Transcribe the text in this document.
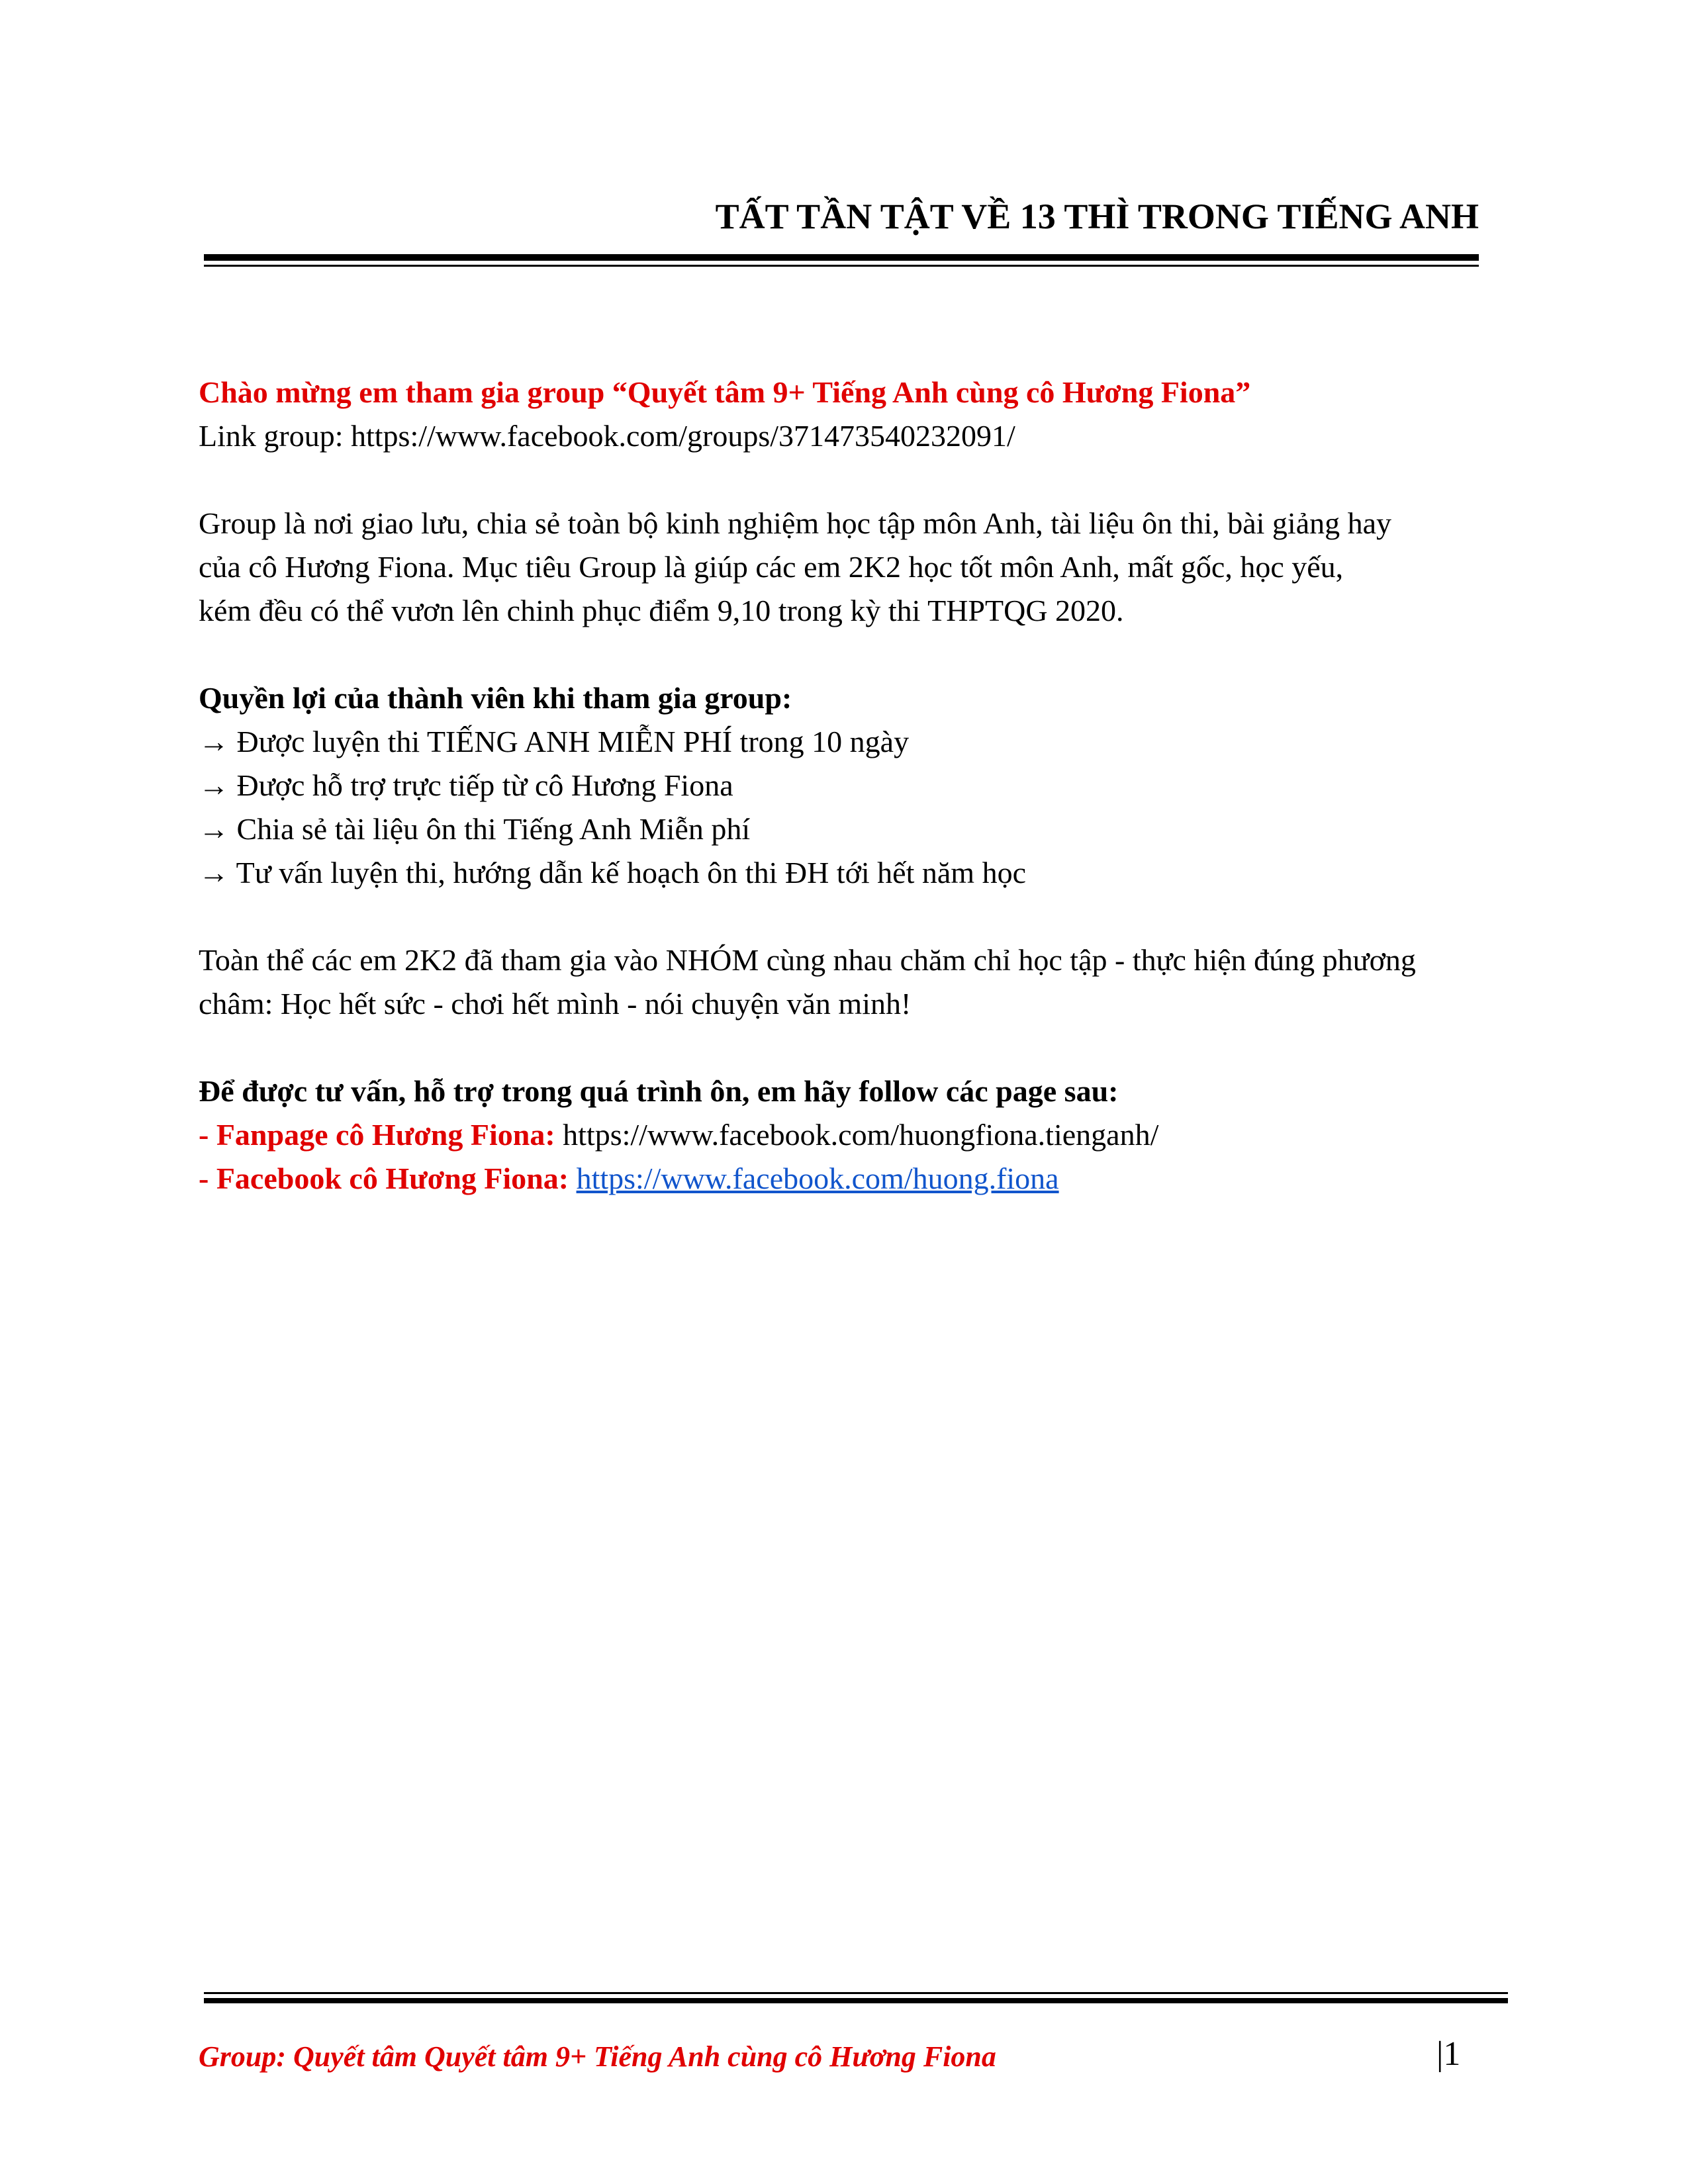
TẤT TẦN TẬT VỀ 13 THÌ TRONG TIẾNG ANH
Chào mừng em tham gia group “Quyết tâm 9+ Tiếng Anh cùng cô Hương Fiona”
Link group: https://www.facebook.com/groups/371473540232091/
Group là nơi giao lưu, chia sẻ toàn bộ kinh nghiệm học tập môn Anh, tài liệu ôn thi, bài giảng hay
của cô Hương Fiona. Mục tiêu Group là giúp các em 2K2 học tốt môn Anh, mất gốc, học yếu,
kém đều có thể vươn lên chinh phục điểm 9,10 trong kỳ thi THPTQG 2020.
Quyền lợi của thành viên khi tham gia group:
→ Được luyện thi TIẾNG ANH MIỄN PHÍ trong 10 ngày
→ Được hỗ trợ trực tiếp từ cô Hương Fiona
→ Chia sẻ tài liệu ôn thi Tiếng Anh Miễn phí
→ Tư vấn luyện thi, hướng dẫn kế hoạch ôn thi ĐH tới hết năm học
Toàn thể các em 2K2 đã tham gia vào NHÓM cùng nhau chăm chỉ học tập - thực hiện đúng phương
châm: Học hết sức - chơi hết mình - nói chuyện văn minh!
Để được tư vấn, hỗ trợ trong quá trình ôn, em hãy follow các page sau:
- Fanpage cô Hương Fiona: https://www.facebook.com/huongfiona.tienganh/
- Facebook cô Hương Fiona: https://www.facebook.com/huong.fiona
Group: Quyết tâm Quyết tâm 9+ Tiếng Anh cùng cô Hương Fiona	|1
